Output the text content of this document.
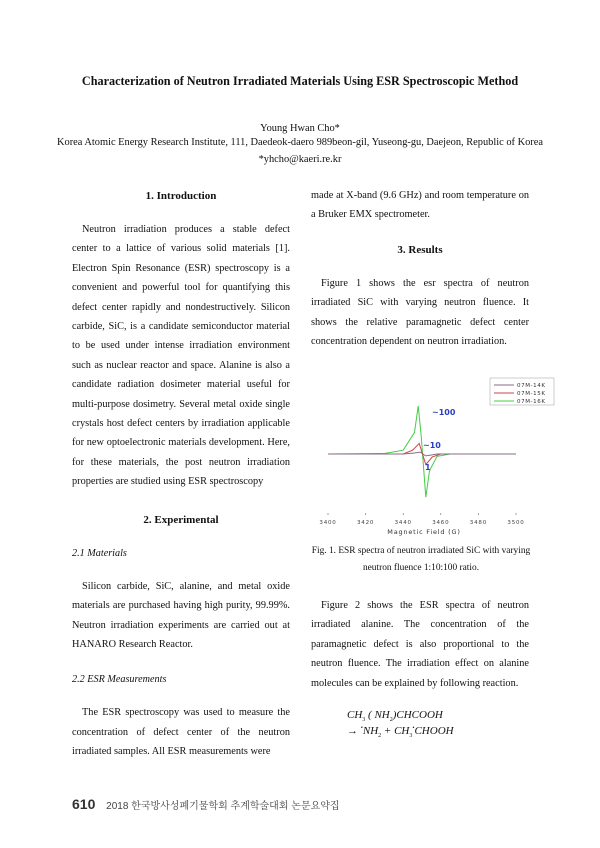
Characterization of Neutron Irradiated Materials Using ESR Spectroscopic Method
Young Hwan Cho*
Korea Atomic Energy Research Institute, 111, Daedeok-daero 989beon-gil, Yuseong-gu, Daejeon, Republic of Korea
*yhcho@kaeri.re.kr
1. Introduction

Neutron irradiation produces a stable defect center to a lattice of various solid materials [1]. Electron Spin Resonance (ESR) spectroscopy is a convenient and powerful tool for quantifying this defect center rapidly and nondestructively. Silicon carbide, SiC, is a candidate semiconductor material to be used under intense irradiation environment such as nuclear reactor and space. Alanine is also a candidate radiation dosimeter material useful for multi-purpose dosimetry. Several metal oxide single crystals host defect centers by irradiation applicable for new optoelectronic materials development. Here, for these materials, the post neutron irradiation properties are studied using ESR spectroscopy

2. Experimental
2.1 Materials

Silicon carbide, SiC, alanine, and metal oxide materials are purchased having high purity, 99.99%. Neutron irradiation experiments are carried out at HANARO Research Reactor.

2.2 ESR Measurements

The ESR spectroscopy was used to measure the concentration of defect center of the neutron irradiated samples. All ESR measurements were

made at X-band (9.6 GHz) and room temperature on a Bruker EMX spectrometer.

3. Results

Figure 1 shows the esr spectra of neutron irradiated SiC with varying neutron fluence. It shows the relative paramagnetic defect center concentration dependent on neutron irradiation.

07M-14K
07M-15K
07M-16K
3400	3420	3440	3460	3480	3500
Magnetic Field (G)
~100
~10
1
Fig. 1. ESR spectra of neutron irradiated SiC with varying neutron fluence 1:10:100 ratio.

Figure 2 shows the ESR spectra of neutron irradiated alanine. The concentration of the paramagnetic defect is also proportional to the neutron fluence. The irradiation effect on alanine molecules can be explained by following reaction.

$CH_3$ ( $NH_2)CHCOOH$
→ $^•NH_2$ + $CH_3^•CHOOH$
610 2018 한국방사성폐기물학회 추계학술대회 논문요약집
